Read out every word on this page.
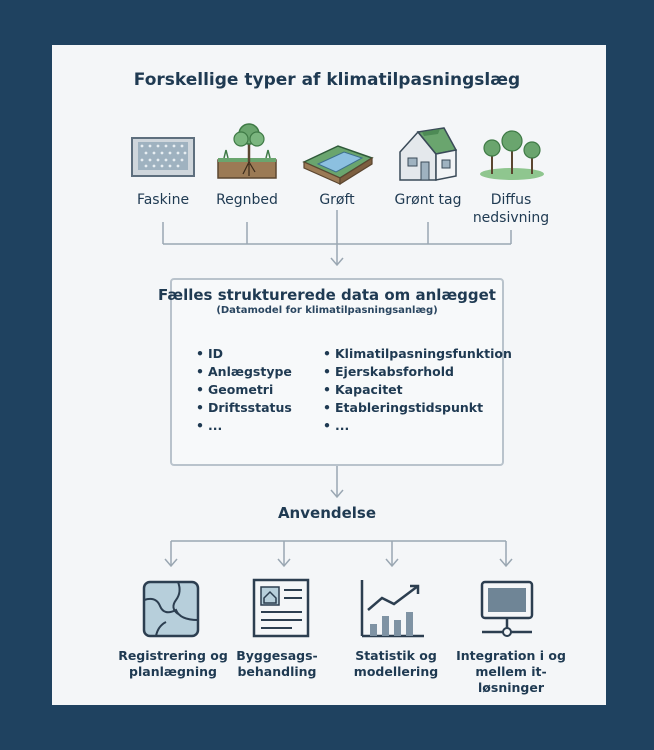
Forskellige typer af klimatilpasningslæg
Faskine	Regnbed	Grøft	Grønt tag	Diffus nedsivning
Fælles strukturerede data om anlægget
(Datamodel for klimatilpasningsanlæg)
• ID
• Anlægstype
• Geometri
• Driftsstatus
• ...
• Klimatilpasningsfunktion
• Ejerskabsforhold
• Kapacitet
• Etableringstidspunkt
• ...
Anvendelse
Registrering og planlægning
Byggesags-behandling
Statistik og modellering
Integration i og mellem it-løsninger
